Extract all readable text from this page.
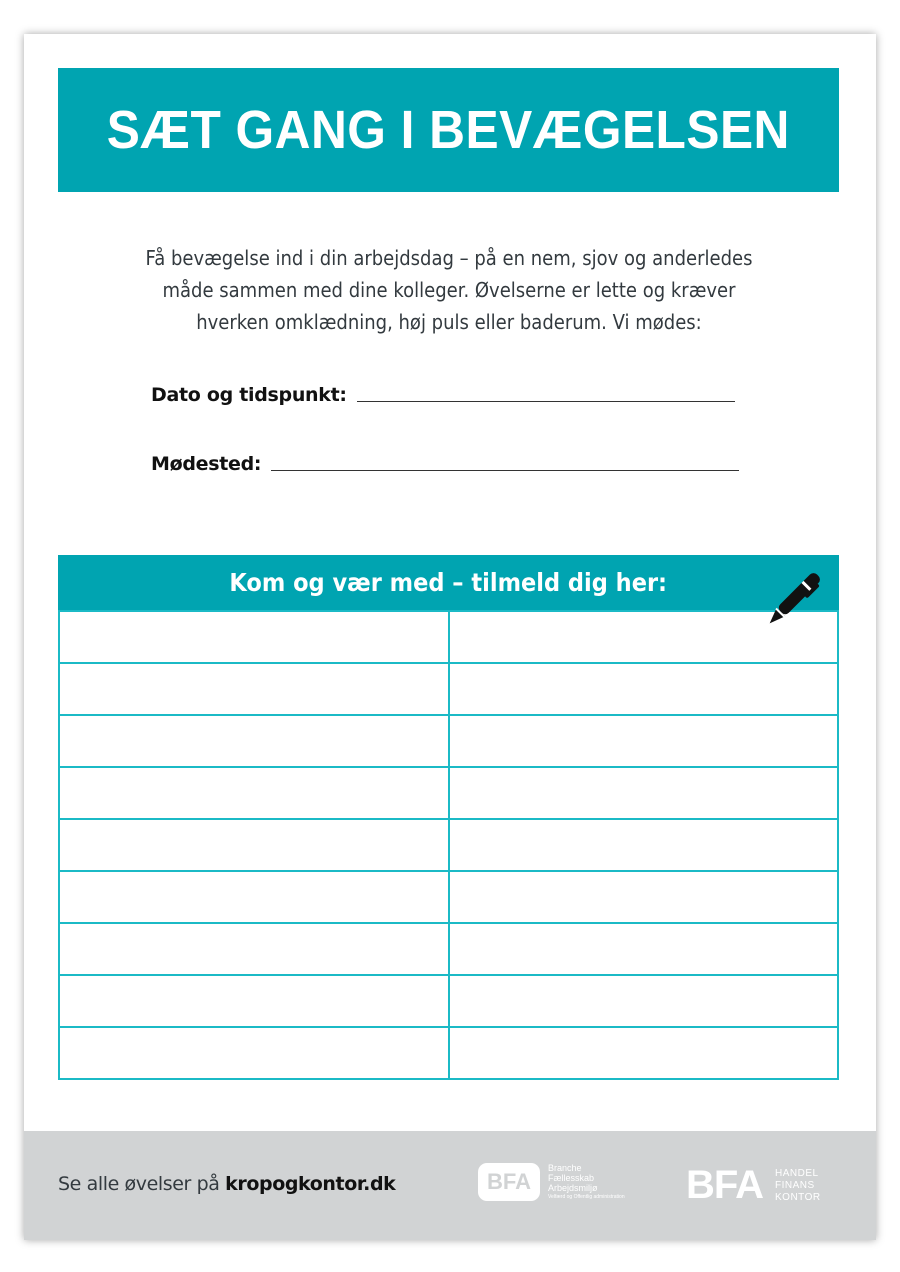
SÆT GANG I BEVÆGELSEN
Få bevægelse ind i din arbejdsdag – på en nem, sjov og anderledes
måde sammen med dine kolleger. Øvelserne er lette og kræver
hverken omklædning, høj puls eller baderum. Vi mødes:
Dato og tidspunkt:
Mødested:
Kom og vær med – tilmeld dig her:

Se alle øvelser på kropogkontor.dk	BFA
Branche
Fællesskab
Arbejdsmiljø
Velfærd og Offentlig administration BFA HANDEL
FINANS
KONTOR
